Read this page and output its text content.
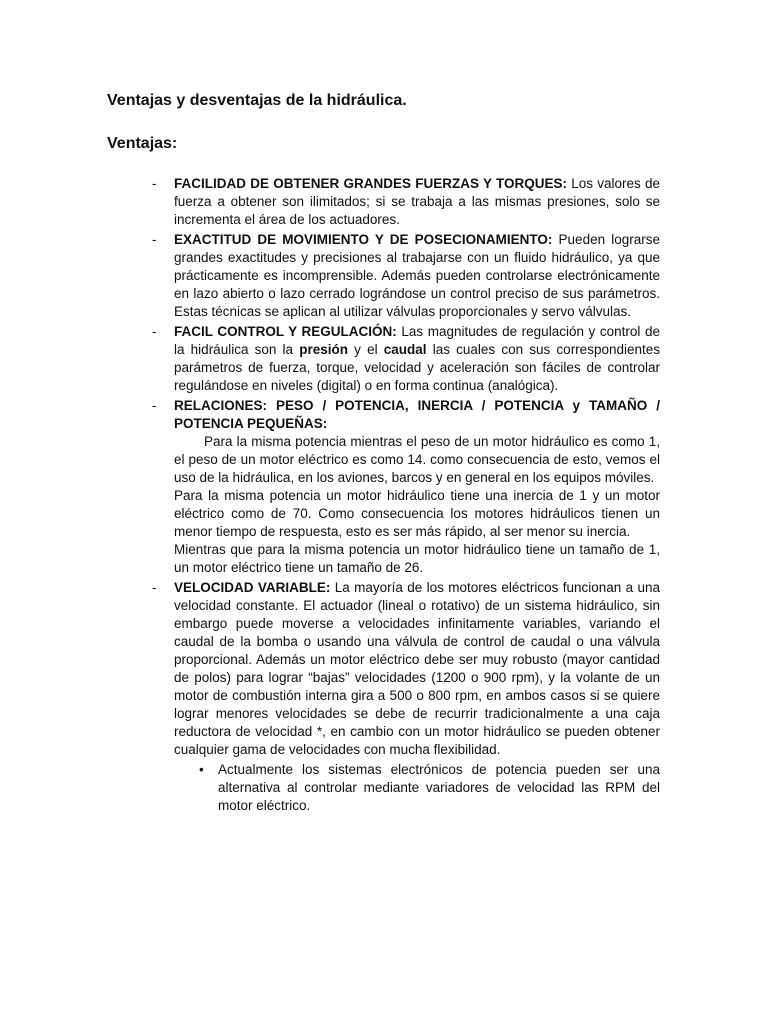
Ventajas y desventajas de la hidráulica.
Ventajas:
- FACILIDAD DE OBTENER GRANDES FUERZAS Y TORQUES: Los valores de fuerza a obtener son ilimitados; si se trabaja a las mismas presiones, solo se incrementa el área de los actuadores.
- EXACTITUD DE MOVIMIENTO Y DE POSECIONAMIENTO: Pueden lograrse grandes exactitudes y precisiones al trabajarse con un fluido hidráulico, ya que prácticamente es incomprensible. Además pueden controlarse electrónicamente en lazo abierto o lazo cerrado lográndose un control preciso de sus parámetros. Estas técnicas se aplican al utilizar válvulas proporcionales y servo válvulas.
- FACIL CONTROL Y REGULACIÓN: Las magnitudes de regulación y control de la hidráulica son la presión y el caudal las cuales con sus correspondientes parámetros de fuerza, torque, velocidad y aceleración son fáciles de controlar regulándose en niveles (digital) o en forma continua (analógica).
- RELACIONES: PESO / POTENCIA, INERCIA / POTENCIA y TAMAÑO / POTENCIA PEQUEÑAS:
Para la misma potencia mientras el peso de un motor hidráulico es como 1, el peso de un motor eléctrico es como 14. como consecuencia de esto, vemos el uso de la hidráulica, en los aviones, barcos y en general en los equipos móviles.
Para la misma potencia un motor hidráulico tiene una inercia de 1 y un motor eléctrico como de 70. Como consecuencia los motores hidráulicos tienen un menor tiempo de respuesta, esto es ser más rápido, al ser menor su inercia.
Mientras que para la misma potencia un motor hidráulico tiene un tamaño de 1, un motor eléctrico tiene un tamaño de 26.
- VELOCIDAD VARIABLE: La mayoría de los motores eléctricos funcionan a una velocidad constante. El actuador (lineal o rotativo) de un sistema hidráulico, sin embargo puede moverse a velocidades infinitamente variables, variando el caudal de la bomba o usando una válvula de control de caudal o una válvula proporcional. Además un motor eléctrico debe ser muy robusto (mayor cantidad de polos) para lograr “bajas” velocidades (1200 o 900 rpm), y la volante de un motor de combustión interna gira a 500 o 800 rpm, en ambos casos si se quiere lograr menores velocidades se debe de recurrir tradicionalmente a una caja reductora de velocidad *, en cambio con un motor hidráulico se pueden obtener cualquier gama de velocidades con mucha flexibilidad.
• Actualmente los sistemas electrónicos de potencia pueden ser una alternativa al controlar mediante variadores de velocidad las RPM del motor eléctrico.
